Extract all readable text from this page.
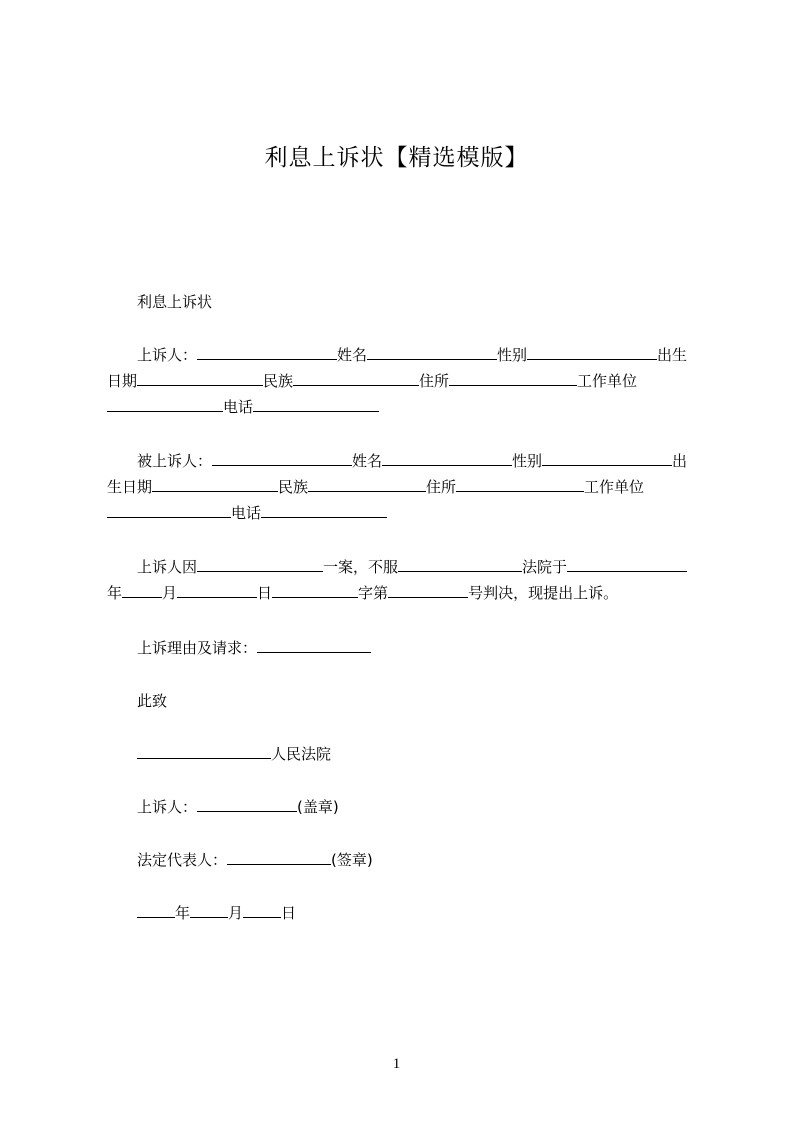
利息上诉状【精选模版】

利息上诉状

上诉人：	姓名	性别	出生日期	民族	住所	工作单位电话

被上诉人：	姓名	性别	出生日期	民族	住所	工作单位电话

上诉人因	一案，不服	法院于年	月	日	字第	号判决，现提出上诉。

上诉理由及请求：

此致

人民法院

上诉人：	(盖章)

法定代表人：	(签章)

年	月	日

1
